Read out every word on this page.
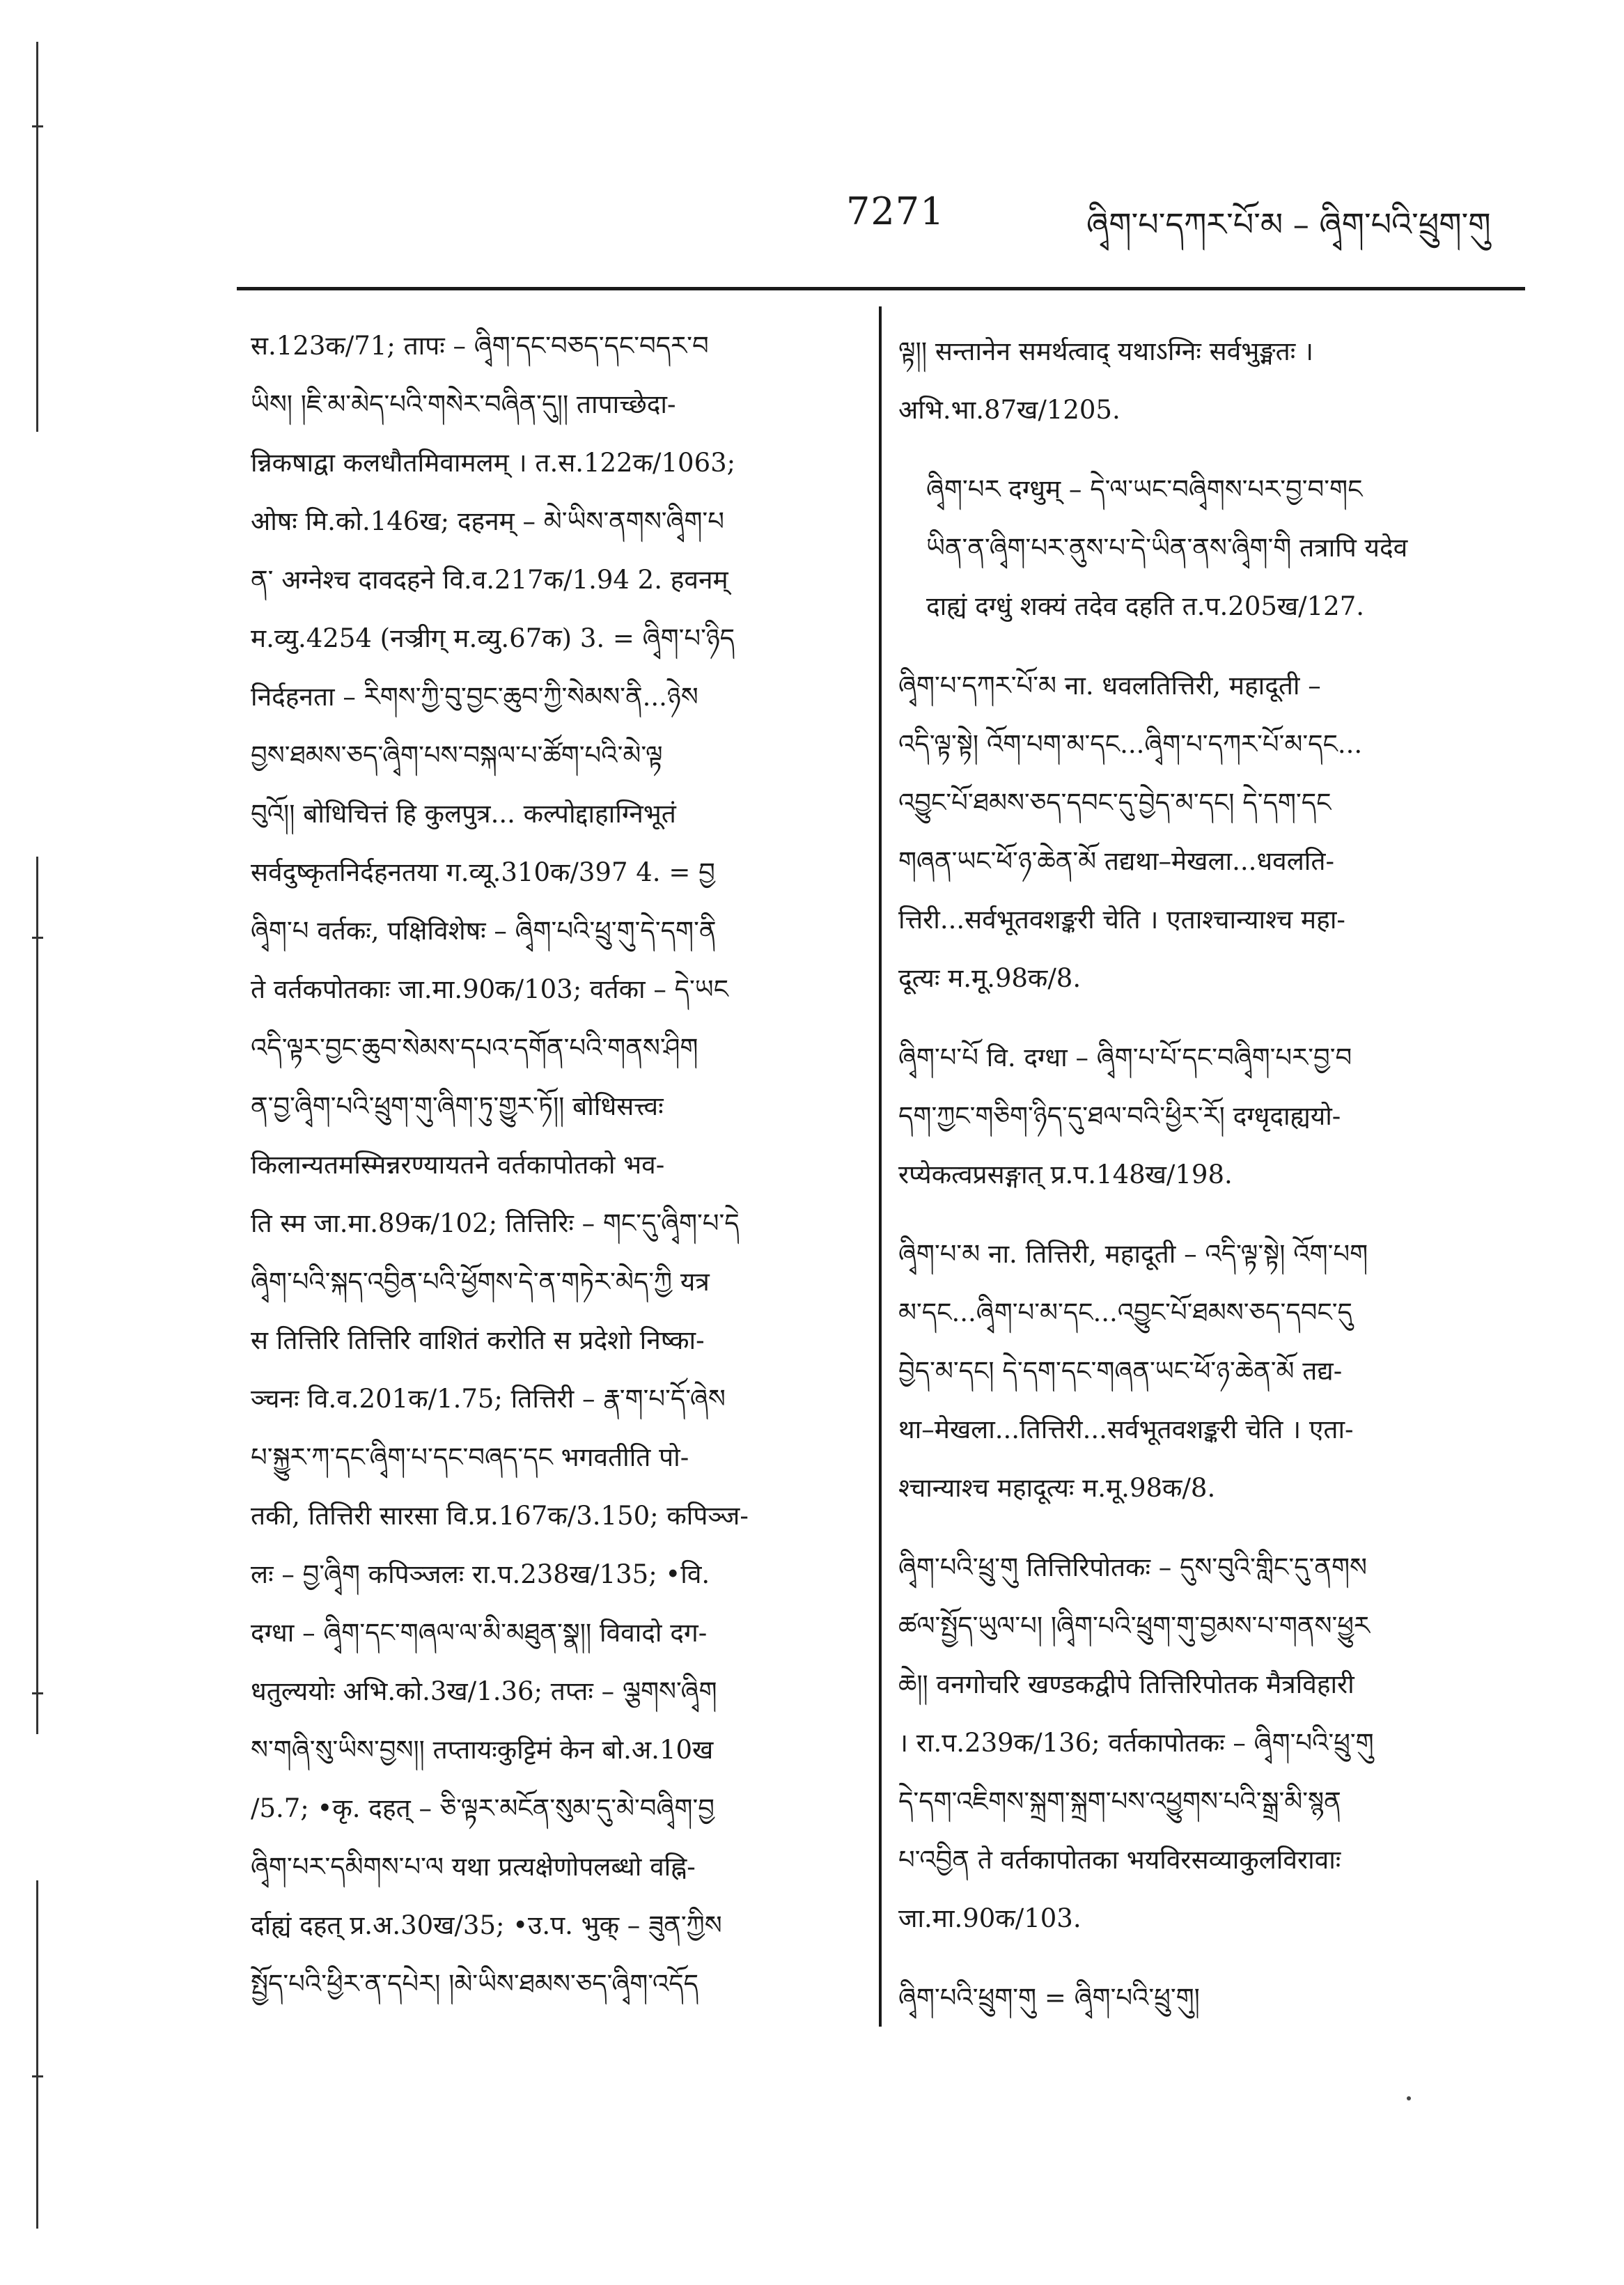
7271	ཞྭིག་པ་དཀར་པོ་མ – ཞྭིག་པའི་ཕྲུག་གུ
स.123क/71; तापः – ཞྭིག་དང་བཅད་དང་བདར་བ
ཡིས། །ཇི་མ་མེད་པའི་གསེར་བཞིན་དུ།། तापाच्छेदा-
न्निकषाद्वा कलधौतमिवामलम् । त.स.122क/1063;
ओषः मि.को.146ख; दहनम् – མེ་ཡིས་ནགས་ཞྭིག་པ
ན་ अग्नेश्च दावदहने वि.व.217क/1.94 2. हवनम्
म.व्यु.4254 (नञ्रीग् म.व्यु.67क) 3. = ཞྭིག་པ་ཉིད
निर्दहनता – རིགས་ཀྱི་བུ་བྱང་ཆུབ་ཀྱི་སེམས་ནི...ཉེས
བྱས་ཐམས་ཅད་ཞྭིག་པས་བསྐལ་པ་ཚོག་པའི་མེ་ལྟ
བུའོ།། बोधिचित्तं हि कुलपुत्र... कल्पोद्दाहाग्निभूतं
सर्वदुष्कृतनिर्दहनतया ग.व्यू.310क/397 4. = བྱ
ཞྭིག་པ वर्तकः, पक्षिविशेषः – ཞྭིག་པའི་ཕྲུ་གུ་དེ་དག་ནི
ते वर्तकपोतकाः जा.मा.90क/103; वर्तका – དེ་ཡང
འདི་ལྟར་བྱང་ཆུབ་སེམས་དཔའ་དགོན་པའི་གནས་ཤིག
ན་བྱ་ཞྭིག་པའི་ཕྲུག་གུ་ཞིག་ཏུ་གྱུར་ཏོ།། बोधिसत्त्वः
किलान्यतमस्मिन्नरण्यायतने वर्तकापोतको भव-
ति स्म जा.मा.89क/102; तित्तिरिः – གང་དུ་ཞྭིག་པ་དེ
ཞྭིག་པའི་སྐད་འབྱིན་པའི་ཕྱོགས་དེ་ན་གཏེར་མེད་ཀྱི यत्र
स तित्तिरि तित्तिरि वाशितं करोति स प्रदेशो निष्का-
ञ्चनः वि.व.201क/1.75; तित्तिरी – རྣ་ག་པ་དོ་ཞེས
པ་སྐྱུར་ཀ་དང་ཞྭིག་པ་དང་བཞད་དང भगवतीति पो-
तकी, तित्तिरी सारसा वि.प्र.167क/3.150; कपिञ्ज-
लः – བྱ་ཞྭིག कपिञ्जलः रा.प.238ख/135; •वि.
दग्धा – ཞྭིག་དང་གཞལ་ལ་མི་མཐུན་སྣ།། विवादो दग-
धतुल्ययोः अभि.को.3ख/1.36; तप्तः – ལྕགས་ཞྭིག
ས་གཞི་སུ་ཡིས་བྱས།། तप्तायःकुट्टिमं केन बो.अ.10ख
/5.7; •कृ. दहत् – ཅི་ལྟར་མངོན་སུམ་དུ་མེ་བཞྭིག་བྱ
ཞྭིག་པར་དམིགས་པ་ལ यथा प्रत्यक्षेणोपलब्धो वह्नि-
र्दाह्यं दहत् प्र.अ.30ख/35; •उ.प. भुक् – ཟུན་ཀྱིས
སྤྱོད་པའི་ཕྱིར་ན་དཔེར། །མེ་ཡིས་ཐམས་ཅད་ཞྭིག་འདོད
ལྟ།། सन्तानेन समर्थत्वाद् यथाऽग्निः सर्वभुङ्मतः ।
अभि.भा.87ख/1205.
ཞྭིག་པར दग्धुम् – དེ་ལ་ཡང་བཞྭིགས་པར་བྱ་བ་གང
ཡིན་ན་ཞྭིག་པར་ནུས་པ་དེ་ཡིན་ནས་ཞྭིག་གི तत्रापि यदेव
दाह्यं दग्धुं शक्यं तदेव दहति त.प.205ख/127.
ཞྭིག་པ་དཀར་པོ་མ ना. धवलतित्तिरी, महादूती –
འདི་ལྟ་སྟེ། འོག་པག་མ་དང...ཞྭིག་པ་དཀར་པོ་མ་དང...
འབྱུང་པོ་ཐམས་ཅད་དབང་དུ་བྱེད་མ་དང། དེ་དག་དང
གཞན་ཡང་ཕོ་ཉ་ཆེན་མོ तद्यथा–मेखला...धवलति-
त्तिरी...सर्वभूतवशङ्करी चेति । एताश्चान्याश्च महा-
दूत्यः म.मू.98क/8.
ཞྭིག་པ་པོ वि. दग्धा – ཞྭིག་པ་པོ་དང་བཞྭིག་པར་བྱ་བ
དག་ཀྱང་གཅིག་ཉིད་དུ་ཐལ་བའི་ཕྱིར་རོ། दग्धृदाह्ययो-
रप्येकत्वप्रसङ्गात् प्र.प.148ख/198.
ཞྭིག་པ་མ ना. तित्तिरी, महादूती – འདི་ལྟ་སྟེ། འོག་པག
མ་དང...ཞྭིག་པ་མ་དང...འབྱུང་པོ་ཐམས་ཅད་དབང་དུ
བྱེད་མ་དང། དེ་དག་དང་གཞན་ཡང་ཕོ་ཉ་ཆེན་མོ तद्य-
था–मेखला...तित्तिरी...सर्वभूतवशङ्करी चेति । एता-
श्चान्याश्च महादूत्यः म.मू.98क/8.
ཞྭིག་པའི་ཕྲུ་གུ तित्तिरिपोतकः – དུས་བུའི་གླིང་དུ་ནགས
ཚལ་སྤྱོད་ཡུལ་པ། །ཞྭིག་པའི་ཕྲུག་གུ་བྱམས་པ་གནས་ཕྱུར
ཆེ།། वनगोचरि खण्डकद्वीपे तित्तिरिपोतक मैत्रविहारी
। रा.प.239क/136; वर्तकापोतकः – ཞྭིག་པའི་ཕྲུ་གུ
དེ་དག་འཇིགས་སྐྲག་སྐྲག་པས་འཕྱུགས་པའི་སྒྲ་མི་སྙན
པ་འབྱིན ते वर्तकापोतका भयविरसव्याकुलविरावाः
जा.मा.90क/103.
ཞྭིག་པའི་ཕྲུག་གུ = ཞྭིག་པའི་ཕྲུ་གུ།
